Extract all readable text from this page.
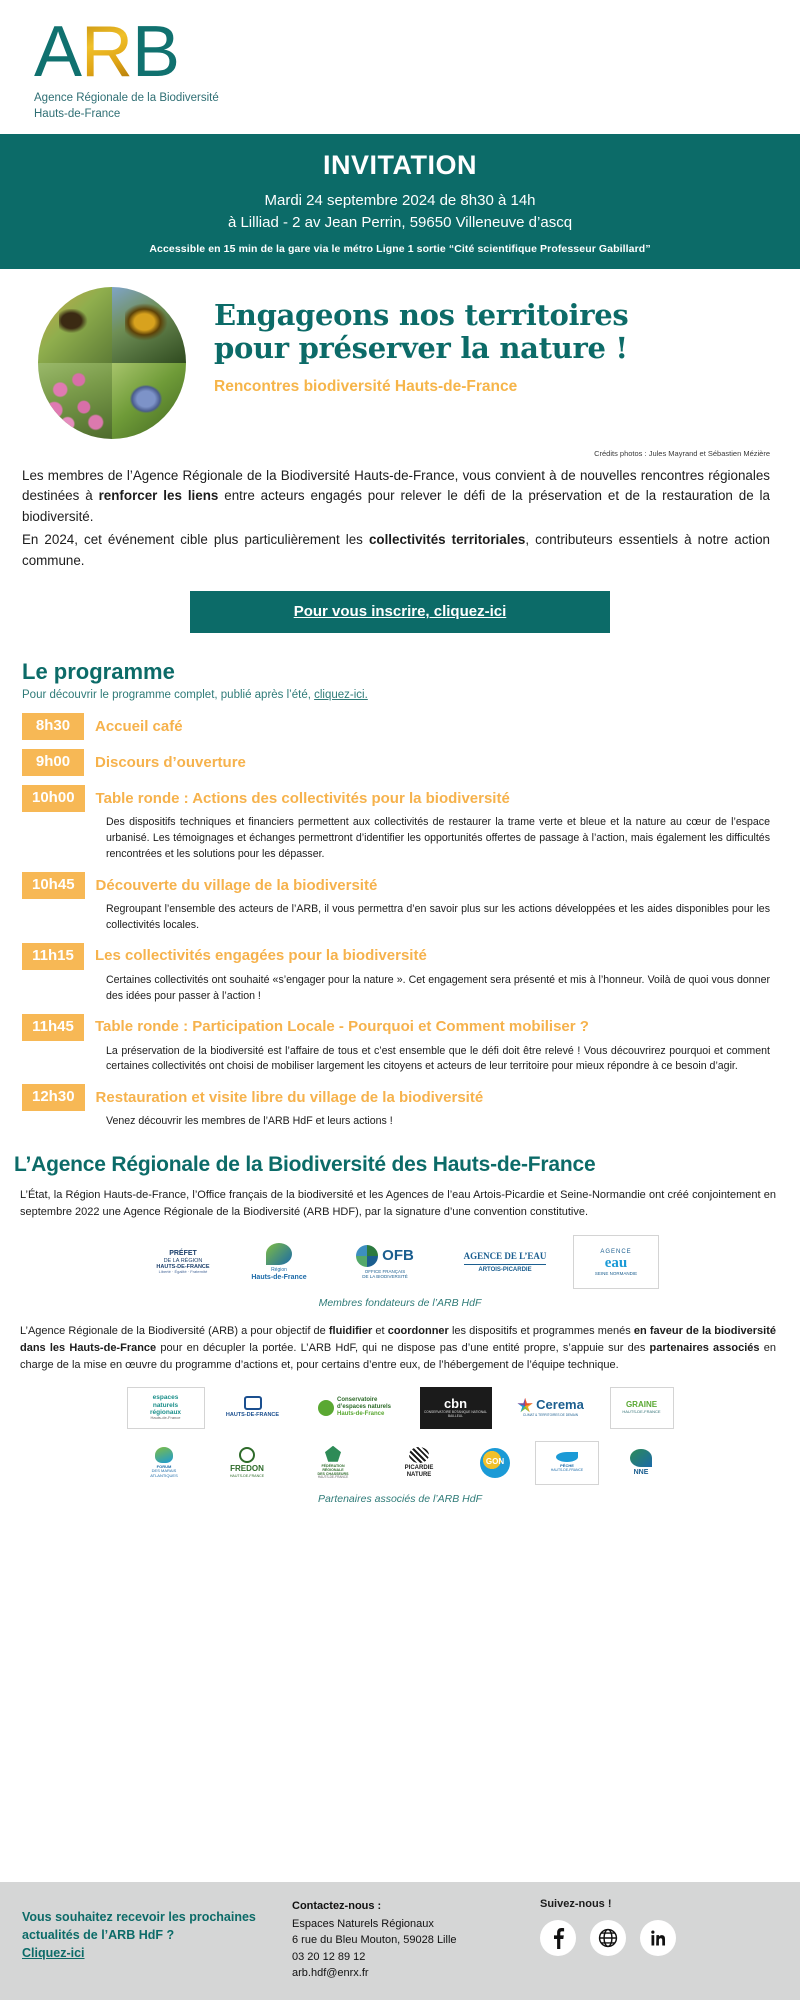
A R B
Agence Régionale de la Biodiversité
Hauts-de-France
INVITATION
Mardi 24 septembre 2024 de 8h30 à 14h
à Lilliad - 2 av Jean Perrin, 59650 Villeneuve d’ascq
Accessible en 15 min de la gare via le métro Ligne 1 sortie “Cité scientifique Professeur Gabillard”
Engageons nos territoires
pour préserver la nature !
Rencontres biodiversité Hauts-de-France
Crédits photos : Jules Mayrand et Sébastien Mézière

Les membres de l’Agence Régionale de la Biodiversité Hauts-de-France, vous convient à de nouvelles rencontres régionales destinées à renforcer les liens entre acteurs engagés pour relever le défi de la préservation et de la restauration de la biodiversité.

En 2024, cet événement cible plus particulièrement les collectivités territoriales, contributeurs essentiels à notre action commune.

Pour vous inscrire, cliquez-ici
Le programme
Pour découvrir le programme complet, publié après l’été, cliquez-ici.
8h30	Accueil café
9h00	Discours d’ouverture
10h00	Table ronde : Actions des collectivités pour la biodiversité
Des dispositifs techniques et financiers permettent aux collectivités de restaurer la trame verte et bleue et la nature au cœur de l’espace urbanisé. Les témoignages et échanges permettront d’identifier les opportunités offertes de passage à l’action, mais également les difficultés rencontrées et les solutions pour les dépasser.
10h45	Découverte du village de la biodiversité
Regroupant l’ensemble des acteurs de l’ARB, il vous permettra d’en savoir plus sur les actions développées et les aides disponibles pour les collectivités locales.
11h15	Les collectivités engagées pour la biodiversité
Certaines collectivités ont souhaité «s’engager pour la nature ». Cet engagement sera présenté et mis à l’honneur. Voilà de quoi vous donner des idées pour passer à l’action !
11h45	Table ronde : Participation Locale - Pourquoi et Comment mobiliser ?
La préservation de la biodiversité est l’affaire de tous et c’est ensemble que le défi doit être relevé ! Vous découvrirez pourquoi et comment certaines collectivités ont choisi de mobiliser largement les citoyens et acteurs de leur territoire pour mieux répondre à ce besoin d’agir.
12h30	Restauration et visite libre du village de la biodiversité
Venez découvrir les membres de l’ARB HdF et leurs actions !
L’Agence Régionale de la Biodiversité des Hauts-de-France
L’État, la Région Hauts-de-France, l’Office français de la biodiversité et les Agences de l’eau Artois-Picardie et Seine-Normandie ont créé conjointement en septembre 2022 une Agence Régionale de la Biodiversité (ARB HDF), par la signature d’une convention constitutive.
PRÉFET
DE LA RÉGION
HAUTS-DE-FRANCE
Liberté · Égalité · Fraternité	Région
Hauts-de-France
OFB
OFFICE FRANÇAIS
DE LA BIODIVERSITÉ
AGENCE DE L’EAU
ARTOIS-PICARDIE
AGENCE
eau
SEINE NORMANDIE
Membres fondateurs de l’ARB HdF
L’Agence Régionale de la Biodiversité (ARB) a pour objectif de fluidifier et coordonner les dispositifs et programmes menés en faveur de la biodiversité dans les Hauts-de-France pour en décupler la portée. L’ARB HdF, qui ne dispose pas d’une entité propre, s’appuie sur des partenaires associés en charge de la mise en œuvre du programme d’actions et, pour certains d’entre eux, de l’hébergement de l’équipe technique.
espaces
naturels
régionaux
Hauts-de-France	HAUTS-DE-FRANCE
Conservatoire
d’espaces naturels
Hauts-de-France
cbn
CONSERVATOIRE BOTANIQUE NATIONAL
BAILLEUL
Cerema
CLIMAT & TERRITOIRES DE DEMAIN
GRAINE
HAUTS-DE-FRANCE
FORUM
DES MARAIS
ATLANTIQUES
FREDON
HAUTS-DE-FRANCE
FÉDÉRATION
RÉGIONALE
DES CHASSEURS
HAUTS-DE-FRANCE
PICARDIE
NATURE
GON	PÊCHE
HAUTS-DE-FRANCE	NNE
Partenaires associés de l’ARB HdF
Vous souhaitez recevoir les prochaines
actualités de l’ARB HdF ?
Cliquez-ici
Contactez-nous :
Espaces Naturels Régionaux
6 rue du Bleu Mouton, 59028 Lille
03 20 12 89 12
arb.hdf@enrx.fr
Suivez-nous !
